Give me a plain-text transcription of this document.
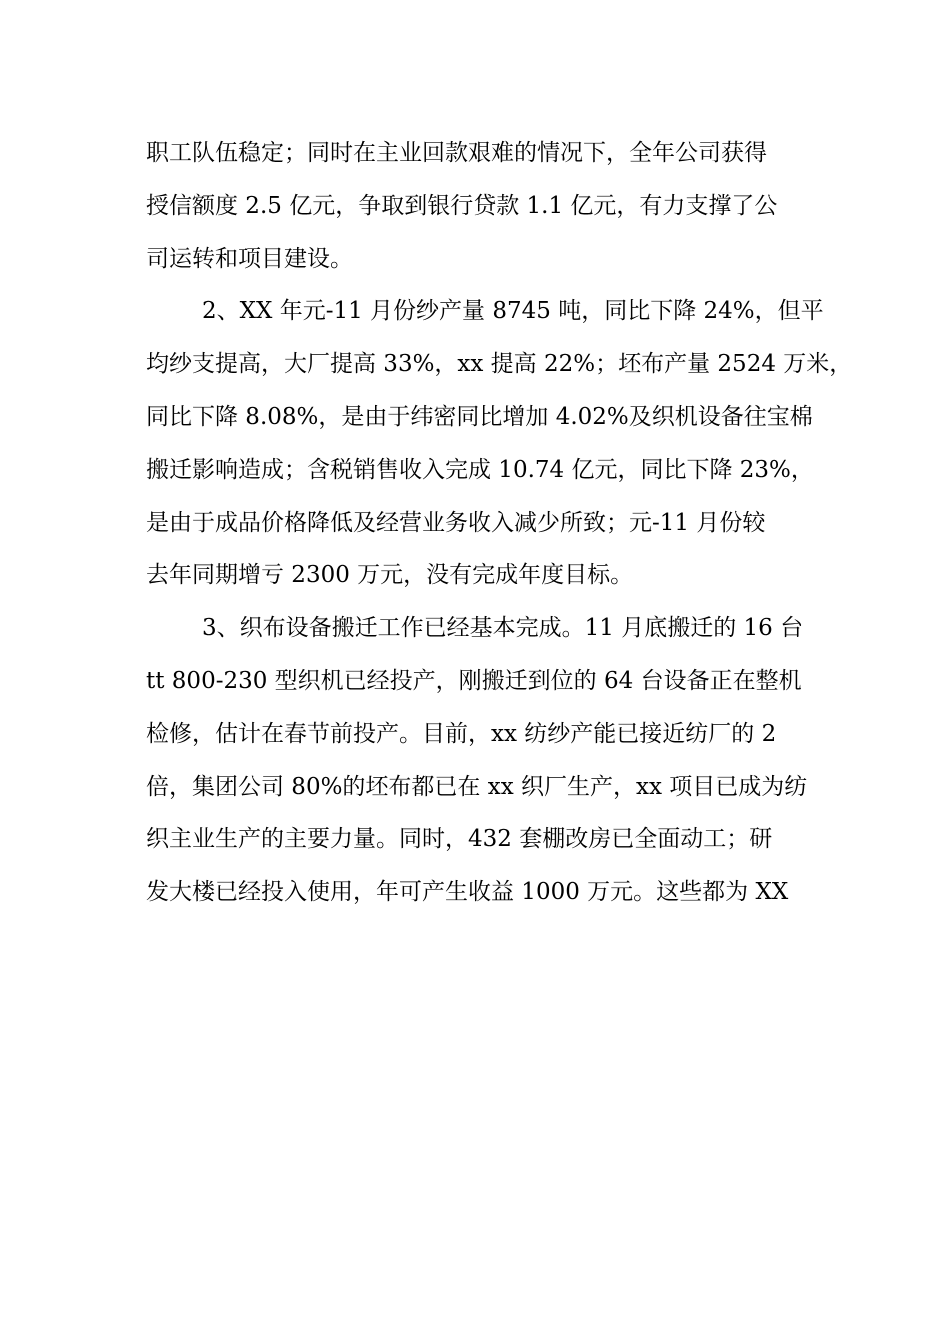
职工队伍稳定；同时在主业回款艰难的情况下，全年公司获得
授信额度 2.5 亿元，争取到银行贷款 1.1 亿元，有力支撑了公
司运转和项目建设。
2、XX 年元-11 月份纱产量 8745 吨，同比下降 24%，但平
均纱支提高，大厂提高 33%，xx 提高 22%；坯布产量 2524 万米，
同比下降 8.08%，是由于纬密同比增加 4.02%及织机设备往宝棉
搬迁影响造成；含税销售收入完成 10.74 亿元，同比下降 23%，
是由于成品价格降低及经营业务收入减少所致；元-11 月份较
去年同期增亏 2300 万元，没有完成年度目标。
3、织布设备搬迁工作已经基本完成。11 月底搬迁的 16 台
tt 800-230 型织机已经投产，刚搬迁到位的 64 台设备正在整机
检修，估计在春节前投产。目前，xx 纺纱产能已接近纺厂的 2
倍，集团公司 80%的坯布都已在 xx 织厂生产，xx 项目已成为纺
织主业生产的主要力量。同时，432 套棚改房已全面动工；研
发大楼已经投入使用，年可产生收益 1000 万元。这些都为 XX
